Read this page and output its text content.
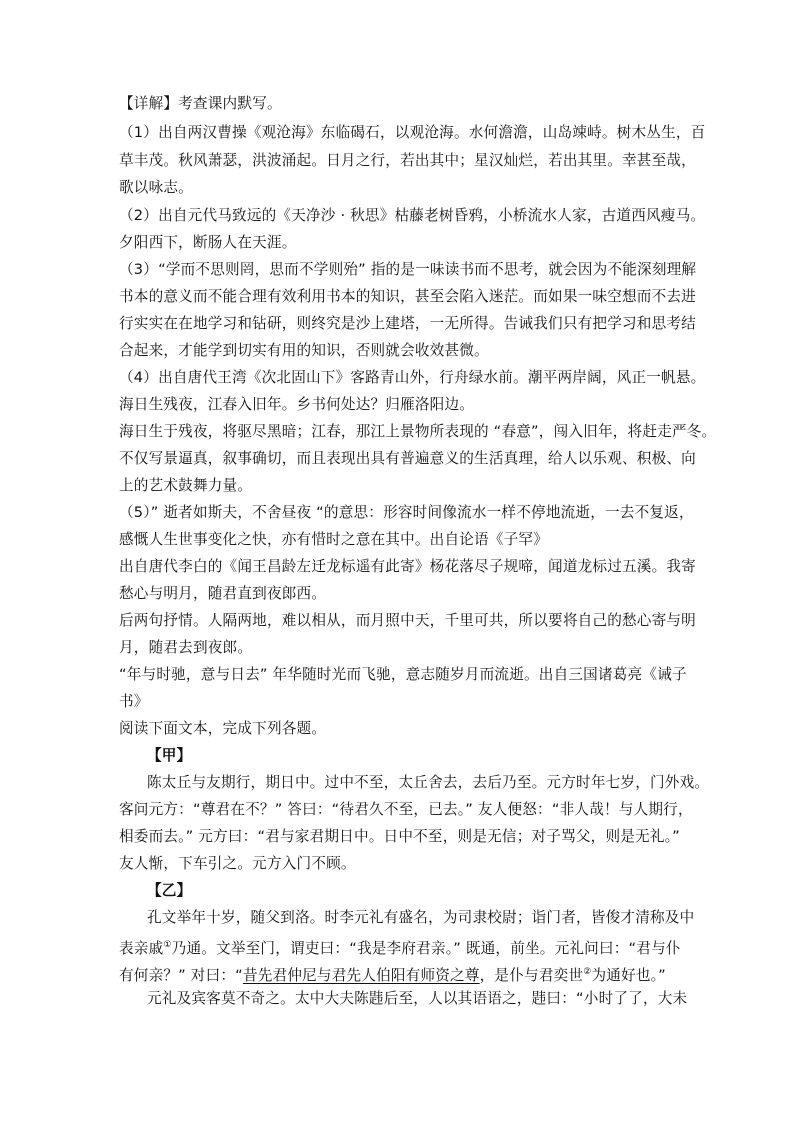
【详解】考查课内默写。

（1）出自两汉曹操《观沧海》东临碣石，以观沧海。水何澹澹，山岛竦峙。树木丛生，百

草丰茂。秋风萧瑟，洪波涌起。日月之行，若出其中；星汉灿烂，若出其里。幸甚至哉，

歌以咏志。

（2）出自元代马致远的《天净沙 · 秋思》枯藤老树昏鸦，小桥流水人家，古道西风瘦马。

夕阳西下，断肠人在天涯。

（3）“学而不思则罔，思而不学则殆” 指的是一味读书而不思考，就会因为不能深刻理解

书本的意义而不能合理有效利用书本的知识，甚至会陷入迷茫。而如果一味空想而不去进

行实实在在地学习和钻研，则终究是沙上建塔，一无所得。告诫我们只有把学习和思考结

合起来，才能学到切实有用的知识，否则就会收效甚微。

（4）出自唐代王湾《次北固山下》客路青山外，行舟绿水前。潮平两岸阔，风正一帆悬。

海日生残夜，江春入旧年。乡书何处达？归雁洛阳边。

海日生于残夜，将驱尽黑暗；江春，那江上景物所表现的 “春意”，闯入旧年，将赶走严冬。

不仅写景逼真，叙事确切，而且表现出具有普遍意义的生活真理，给人以乐观、积极、向

上的艺术鼓舞力量。

（5）” 逝者如斯夫，不舍昼夜 “的意思：形容时间像流水一样不停地流逝，一去不复返，

感慨人生世事变化之快，亦有惜时之意在其中。出自论语《子罕》

出自唐代李白的《闻王昌龄左迁龙标遥有此寄》杨花落尽子规啼，闻道龙标过五溪。我寄

愁心与明月，随君直到夜郎西。

后两句抒情。人隔两地，难以相从，而月照中天，千里可共，所以要将自己的愁心寄与明

月，随君去到夜郎。

“年与时驰，意与日去” 年华随时光而飞驰，意志随岁月而流逝。出自三国诸葛亮《诫子

书》

阅读下面文本，完成下列各题。

【甲】

陈太丘与友期行，期日中。过中不至，太丘舍去，去后乃至。元方时年七岁，门外戏。

客问元方：“尊君在不？” 答曰：“待君久不至，已去。” 友人便怒：“非人哉！与人期行，

相委而去。” 元方曰：“君与家君期日中。日中不至，则是无信；对子骂父，则是无礼。”

友人惭，下车引之。元方入门不顾。

【乙】

孔文举年十岁，随父到洛。时李元礼有盛名，为司隶校尉；诣门者，皆俊才清称及中

表亲戚①乃通。文举至门，谓吏曰：“我是李府君亲。” 既通，前坐。元礼问曰：“君与仆

有何亲？” 对曰：“昔先君仲尼与君先人伯阳有师资之尊，是仆与君奕世②为通好也。”

元礼及宾客莫不奇之。太中大夫陈韪后至，人以其语语之，韪曰：“小时了了，大未
